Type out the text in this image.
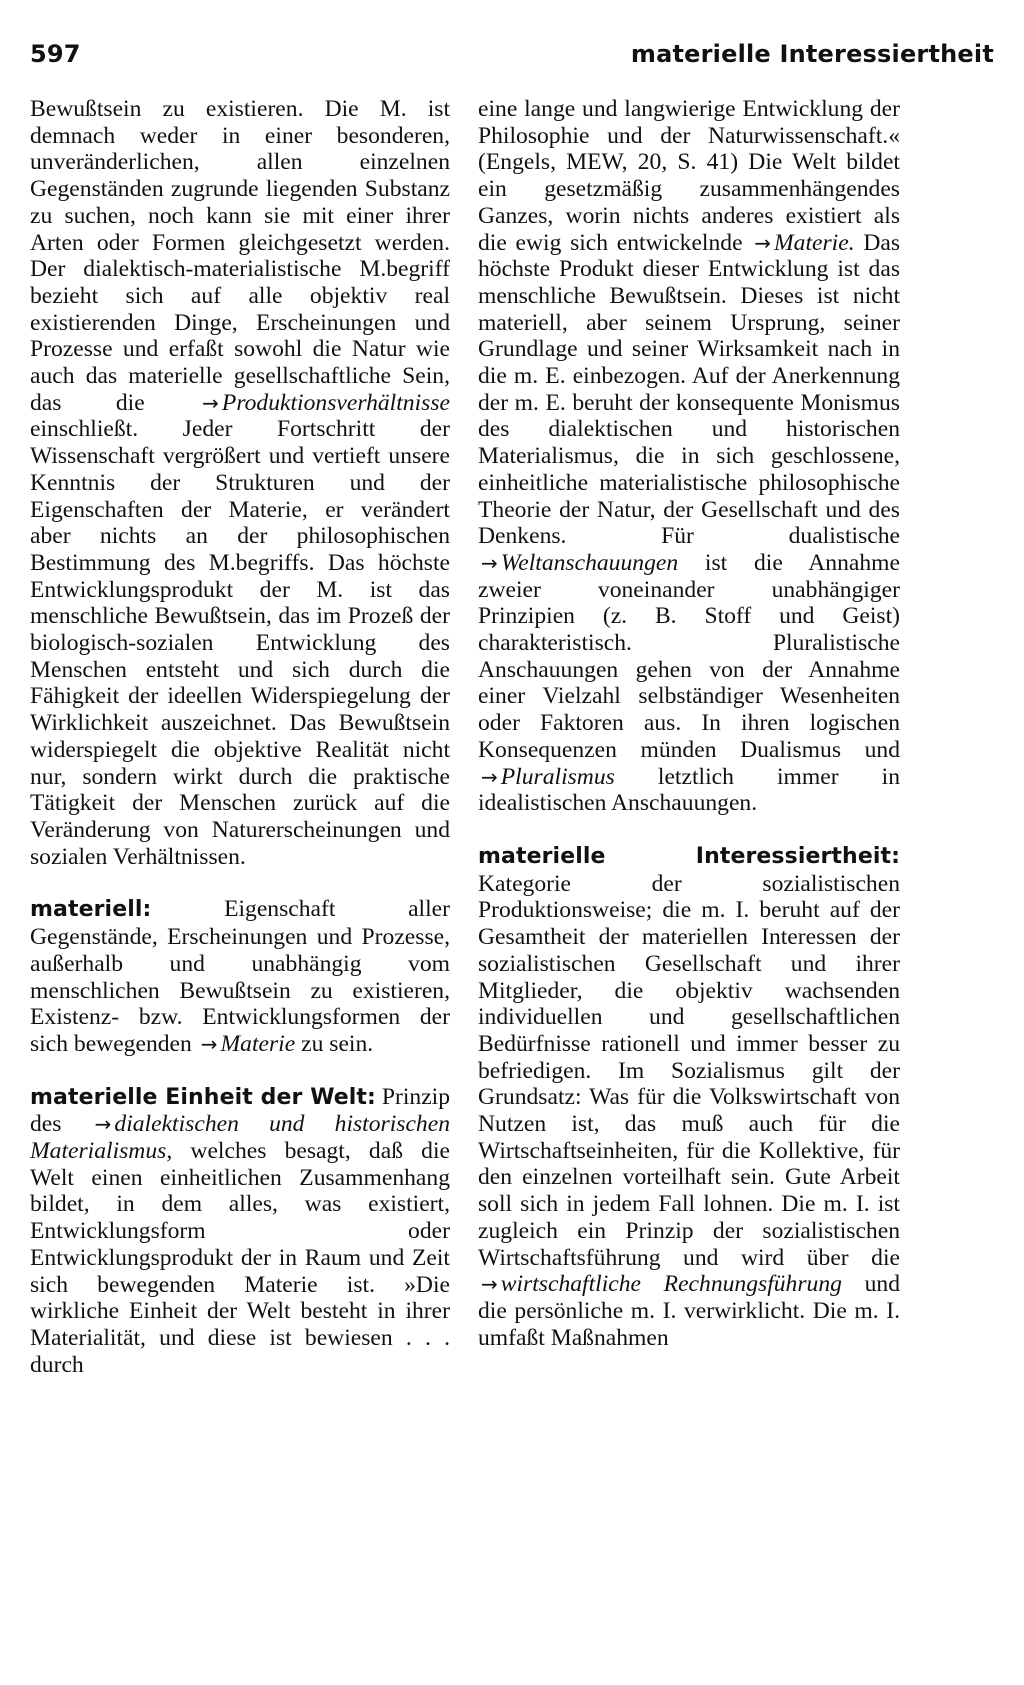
597	materielle Interessiertheit

Bewußtsein zu existieren. Die M. ist demnach weder in einer besonderen, unveränderlichen, allen einzelnen Gegenständen zugrunde liegenden Substanz zu suchen, noch kann sie mit einer ihrer Arten oder Formen gleichgesetzt werden. Der dialektisch-materialistische M.begriff bezieht sich auf alle objektiv real existierenden Dinge, Erscheinungen und Prozesse und erfaßt sowohl die Natur wie auch das materielle gesellschaftliche Sein, das die	→ Produktionsverhältnisse einschließt. Jeder Fortschritt der Wissenschaft vergrößert und vertieft unsere Kenntnis der Strukturen und der Eigenschaften der Materie, er verändert aber nichts an der philosophischen Bestimmung des M.begriffs. Das höchste Entwicklungsprodukt der M. ist das menschliche Bewußtsein, das im Prozeß der biologisch-sozialen Entwicklung des Menschen entsteht und sich durch die Fähigkeit der ideellen Widerspiegelung der Wirklichkeit auszeichnet. Das Bewußtsein widerspiegelt die objektive Realität nicht nur, sondern wirkt durch die praktische Tätigkeit der Menschen zurück auf die Veränderung von Naturerscheinungen und sozialen Verhältnissen.

materiell:	Eigenschaft aller Gegenstände, Erscheinungen und Prozesse, außerhalb und unabhängig vom menschlichen Bewußtsein zu existieren, Existenz- bzw. Entwicklungsformen der sich bewegenden → Materie zu sein.

materielle Einheit der Welt: Prinzip des → dialektischen und historischen Materialismus, welches besagt, daß die Welt einen einheitlichen Zusammenhang bildet, in dem alles, was existiert, Entwicklungsform oder Entwicklungsprodukt der in Raum und Zeit sich bewegenden Materie ist. »Die wirkliche Einheit der Welt besteht in ihrer Materialität, und diese ist bewiesen . . . durch

eine lange und langwierige Entwicklung der Philosophie und der Naturwissenschaft.« (Engels, MEW, 20, S. 41) Die Welt bildet ein gesetzmäßig zusammenhängendes Ganzes, worin nichts anderes existiert als die ewig sich entwickelnde → Materie. Das höchste Produkt dieser Entwicklung ist das menschliche Bewußtsein. Dieses ist nicht materiell, aber seinem Ursprung, seiner Grundlage und seiner Wirksamkeit nach in die m. E. einbezogen. Auf der Anerkennung der m. E. beruht der konsequente Monismus des dialektischen und historischen Materialismus, die in sich geschlossene, einheitliche materialistische philosophische Theorie der Natur, der Gesellschaft und des Denkens. Für dualistische → Weltanschauungen ist die Annahme zweier voneinander unabhängiger Prinzipien (z. B. Stoff und Geist) charakteristisch. Pluralistische Anschauungen gehen von der Annahme einer Vielzahl selbständiger Wesenheiten oder Faktoren aus. In ihren logischen Konsequenzen münden Dualismus und → Pluralismus letztlich immer in idealistischen Anschauungen.

materielle Interessiertheit: Kategorie der sozialistischen Produktionsweise; die m. I. beruht auf der Gesamtheit der materiellen Interessen der sozialistischen Gesellschaft und ihrer Mitglieder, die objektiv wachsenden individuellen und gesellschaftlichen Bedürfnisse rationell und immer besser zu befriedigen. Im Sozialismus gilt der Grundsatz: Was für die Volkswirtschaft von Nutzen ist, das muß auch für die Wirtschaftseinheiten, für die Kollektive, für den einzelnen vorteilhaft sein. Gute Arbeit soll sich in jedem Fall lohnen. Die m. I. ist zugleich ein Prinzip der sozialistischen Wirtschaftsführung und wird über die → wirtschaftliche Rechnungsführung und die persönliche m. I. verwirklicht. Die m. I. umfaßt Maßnahmen
